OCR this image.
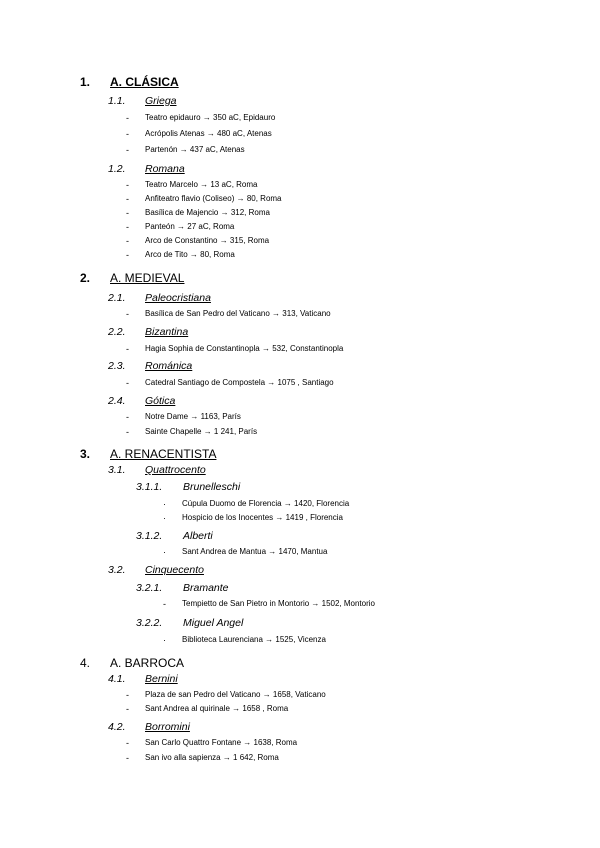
1. A. CLÁSICA
1.1. Griega
- Teatro epidauro → 350 aC, Epidauro
- Acrópolis Atenas → 480 aC, Atenas
- Partenón → 437 aC, Atenas
1.2. Romana
- Teatro Marcelo → 13 aC, Roma
- Anfiteatro flavio (Coliseo) → 80, Roma
- Basílica de Majencio → 312, Roma
- Panteón → 27 aC, Roma
- Arco de Constantino → 315, Roma
- Arco de Tito → 80, Roma
2. A. MEDIEVAL
2.1. Paleocristiana
- Basílica de San Pedro del Vaticano → 313, Vaticano
2.2. Bizantina
- Hagia Sophia de Constantinopla → 532, Constantinopla
2.3. Románica
- Catedral Santiago de Compostela → 1075 , Santiago
2.4. Gótica
- Notre Dame → 1163, París
- Sainte Chapelle → 1 241, París
3. A. RENACENTISTA
3.1. Quattrocento
3.1.1. Brunelleschi
· Cúpula Duomo de Florencia → 1420, Florencia
· Hospicio de los Inocentes → 1419 , Florencia
3.1.2. Alberti
· Sant Andrea de Mantua → 1470, Mantua
3.2. Cinquecento
3.2.1. Bramante
- Tempietto de San Pietro in Montorio → 1502, Montorio
3.2.2. Miguel Angel
· Biblioteca Laurenciana → 1525, Vicenza
4. A. BARROCA
4.1. Bernini
- Plaza de san Pedro del Vaticano → 1658, Vaticano
- Sant Andrea al quirinale → 1658 , Roma
4.2. Borromini
- San Carlo Quattro Fontane → 1638, Roma
- San ivo alla sapienza → 1 642, Roma
